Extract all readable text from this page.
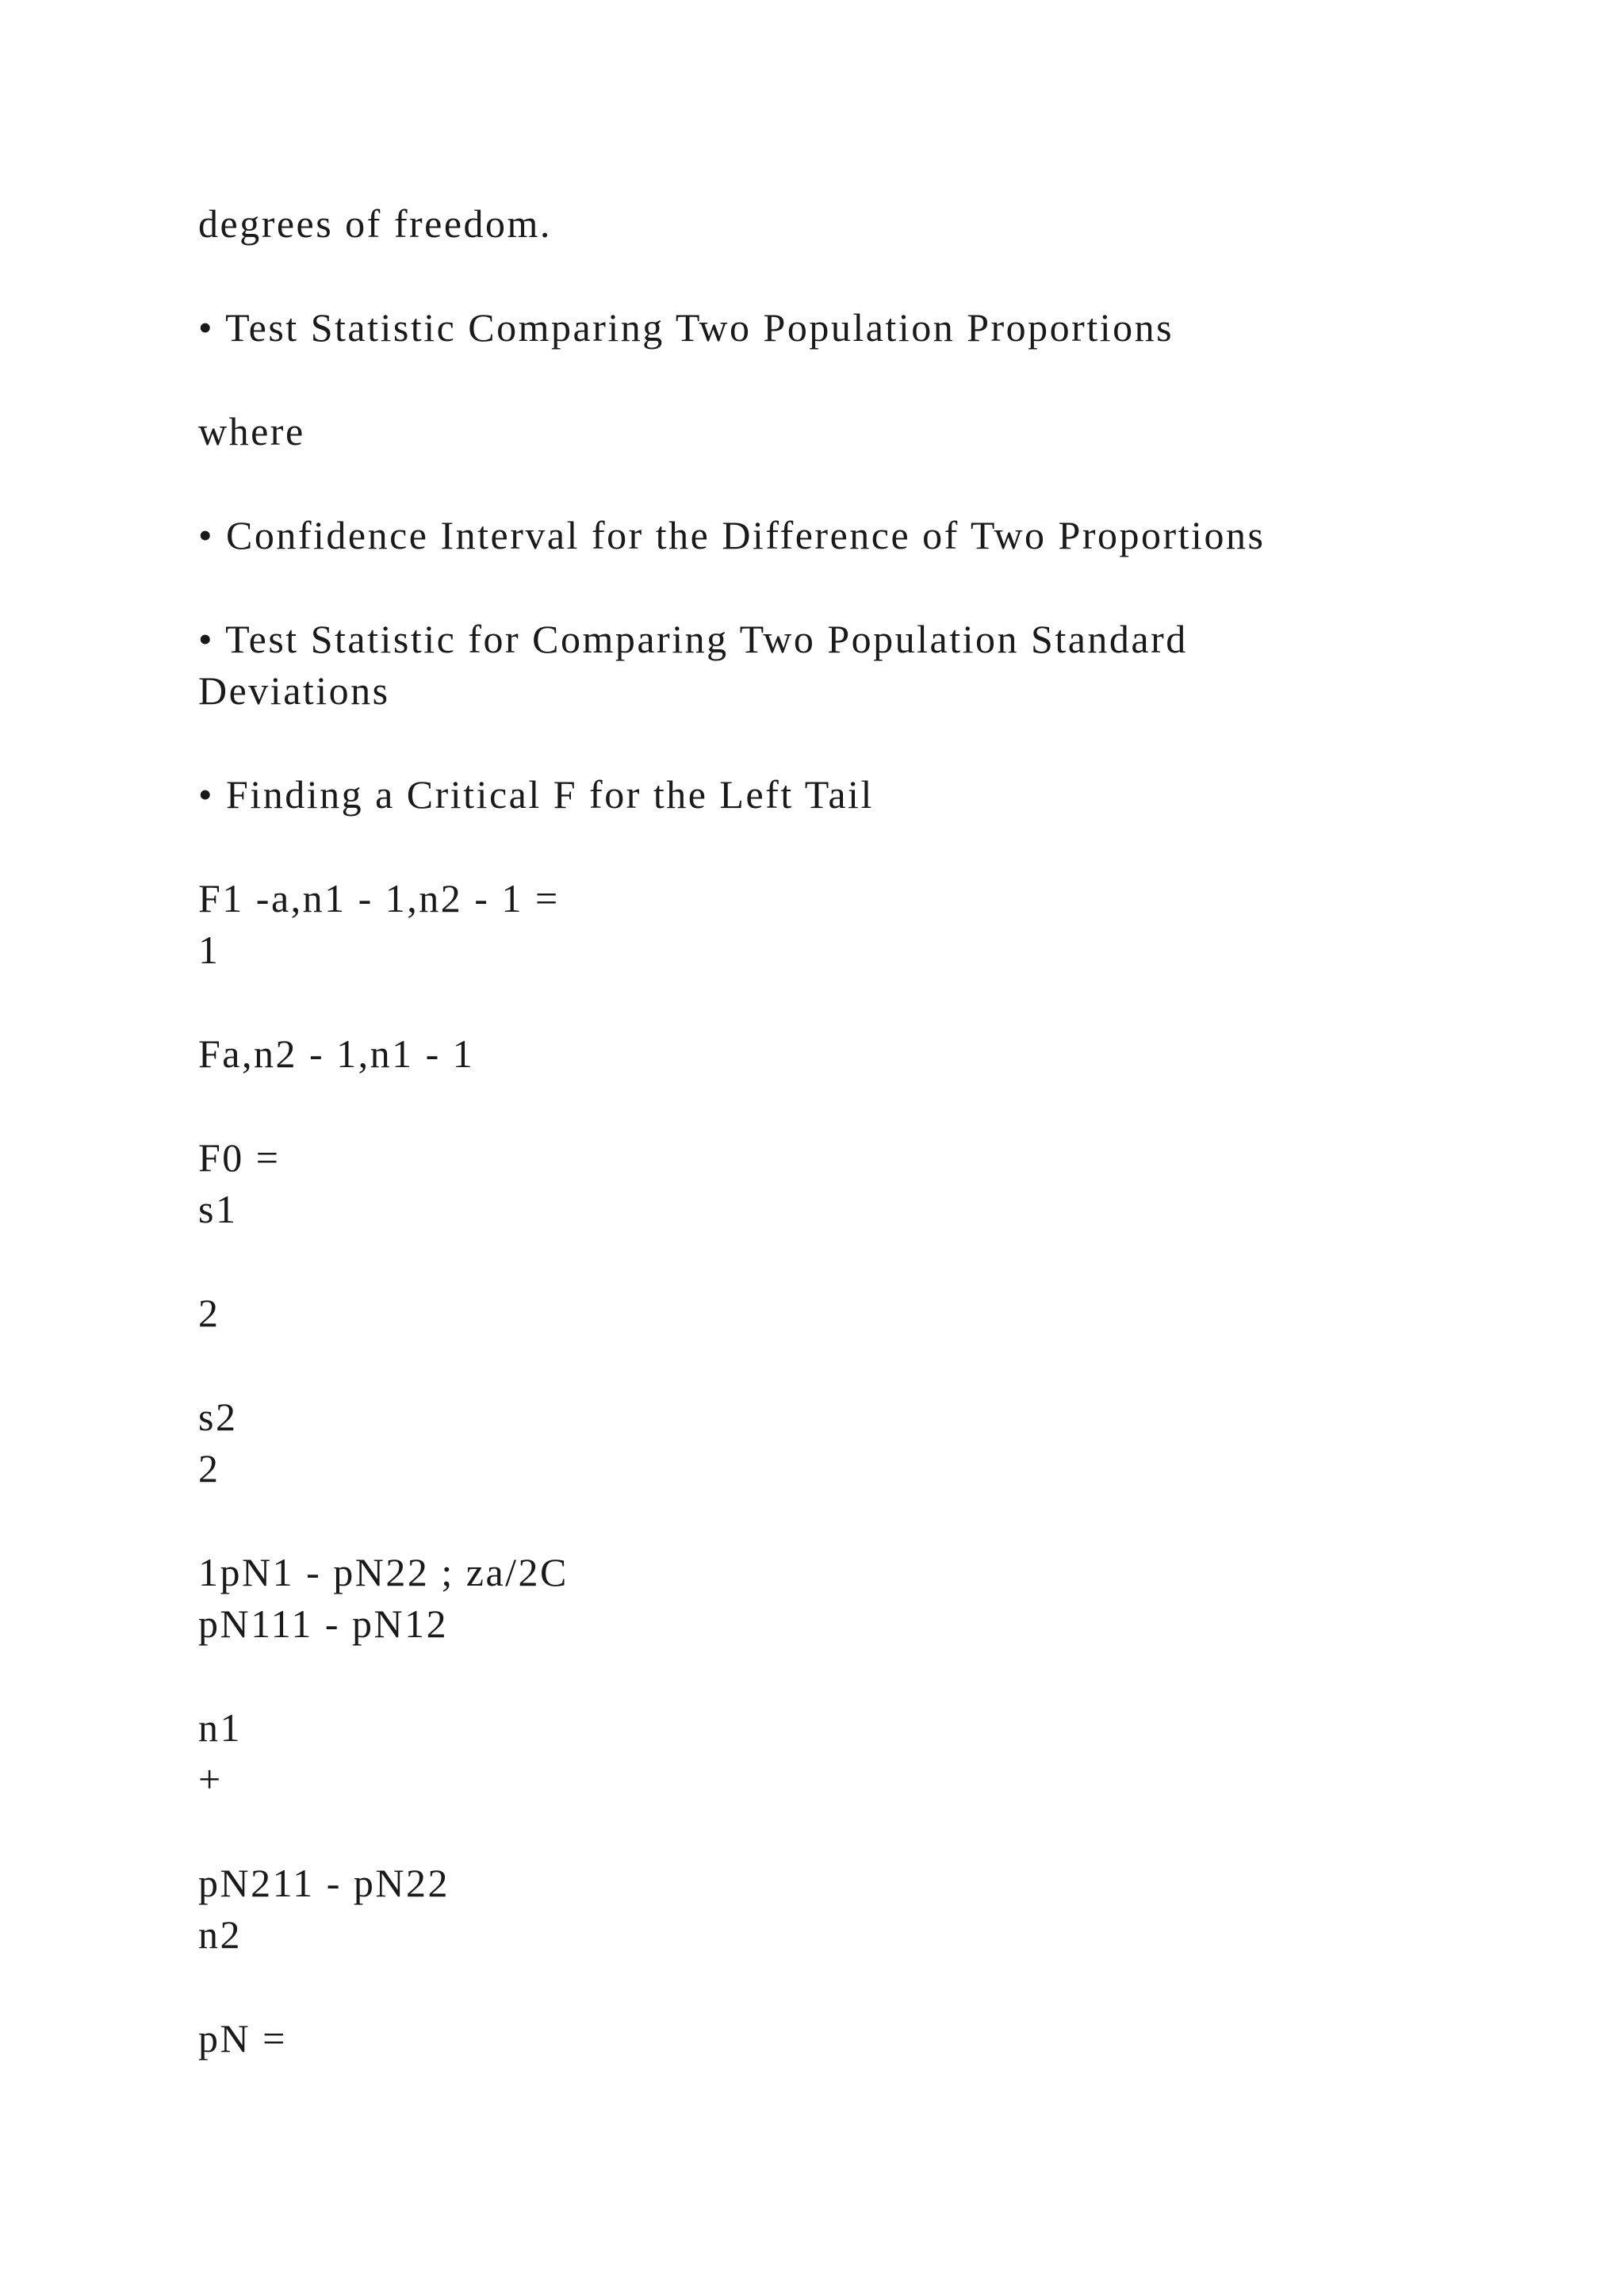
degrees of freedom.

• Test Statistic Comparing Two Population Proportions

where

• Confidence Interval for the Difference of Two Proportions

• Test Statistic for Comparing Two Population Standard

Deviations

• Finding a Critical F for the Left Tail

F1 -a,n1 - 1,n2 - 1 =

1

Fa,n2 - 1,n1 - 1

F0 =

s1

2

s2

2

1pN1 - pN22 ; za/2C

pN111 - pN12

n1

+

pN211 - pN22

n2

pN =
